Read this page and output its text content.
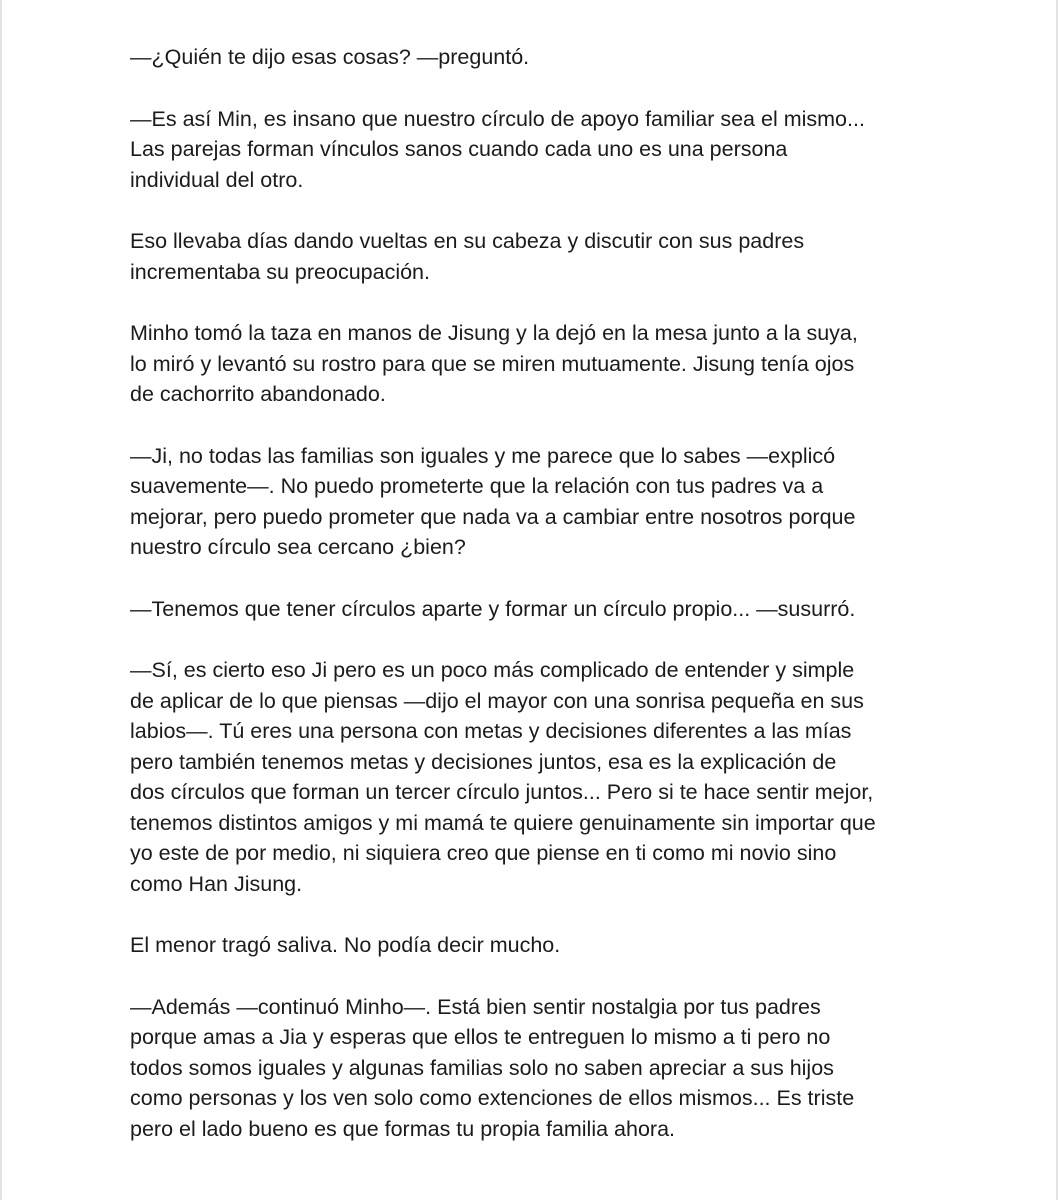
—¿Quién te dijo esas cosas? —preguntó.

—Es así Min, es insano que nuestro círculo de apoyo familiar sea el mismo...
Las parejas forman vínculos sanos cuando cada uno es una persona
individual del otro.

Eso llevaba días dando vueltas en su cabeza y discutir con sus padres
incrementaba su preocupación.

Minho tomó la taza en manos de Jisung y la dejó en la mesa junto a la suya,
lo miró y levantó su rostro para que se miren mutuamente. Jisung tenía ojos
de cachorrito abandonado.

—Ji, no todas las familias son iguales y me parece que lo sabes —explicó
suavemente—. No puedo prometerte que la relación con tus padres va a
mejorar, pero puedo prometer que nada va a cambiar entre nosotros porque
nuestro círculo sea cercano ¿bien?

—Tenemos que tener círculos aparte y formar un círculo propio... —susurró.

—Sí, es cierto eso Ji pero es un poco más complicado de entender y simple
de aplicar de lo que piensas —dijo el mayor con una sonrisa pequeña en sus
labios—. Tú eres una persona con metas y decisiones diferentes a las mías
pero también tenemos metas y decisiones juntos, esa es la explicación de
dos círculos que forman un tercer círculo juntos... Pero si te hace sentir mejor,
tenemos distintos amigos y mi mamá te quiere genuinamente sin importar que
yo este de por medio, ni siquiera creo que piense en ti como mi novio sino
como Han Jisung.

El menor tragó saliva. No podía decir mucho.

—Además —continuó Minho—. Está bien sentir nostalgia por tus padres
porque amas a Jia y esperas que ellos te entreguen lo mismo a ti pero no
todos somos iguales y algunas familias solo no saben apreciar a sus hijos
como personas y los ven solo como extenciones de ellos mismos... Es triste
pero el lado bueno es que formas tu propia familia ahora.
